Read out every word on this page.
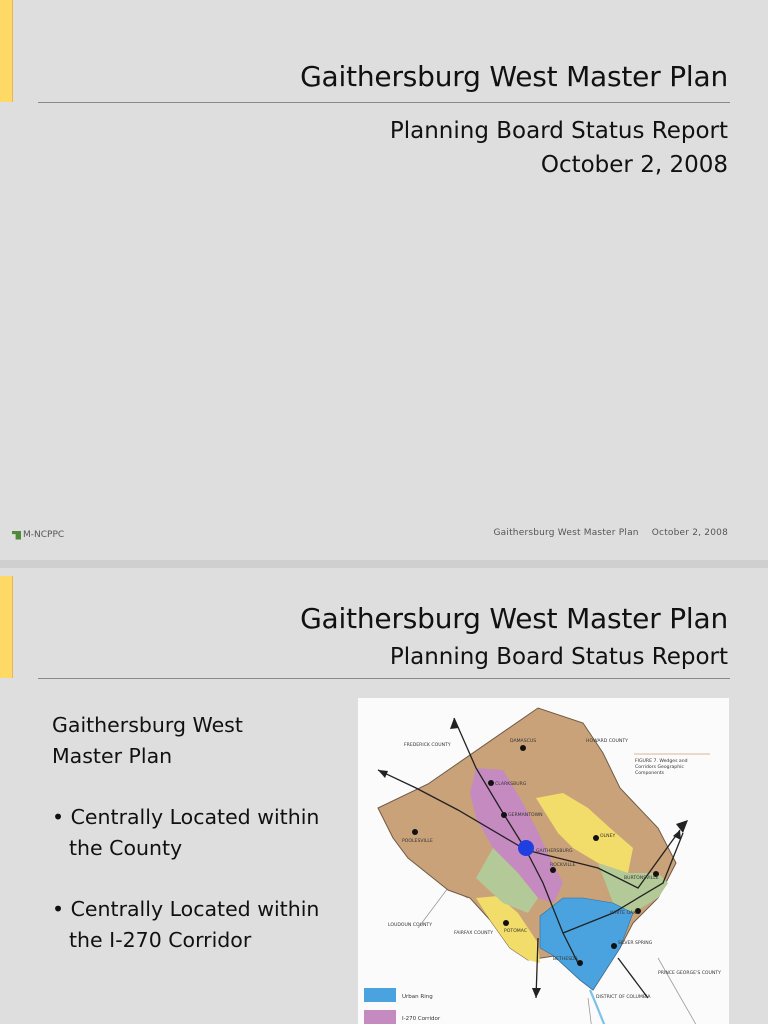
Gaithersburg West Master Plan
Planning Board Status Report
October 2, 2008
M-NCPPC	Gaithersburg West Master Plan October 2, 2008
Gaithersburg West Master Plan
Planning Board Status Report

Gaithersburg West
Master Plan

• Centrally Located within
the County

• Centrally Located within
the I-270 Corridor

FREDERICK COUNTY
HOWARD COUNTY
LOUDOUN COUNTY
FAIRFAX COUNTY
PRINCE GEORGE'S COUNTY
DISTRICT OF COLUMBIA
DAMASCUS
CLARKSBURG
GERMANTOWN
GAITHERSBURG
POOLESVILLE
ROCKVILLE
OLNEY
BURTONSVILLE
WHITE OAK
POTOMAC
BETHESDA
SILVER SPRING
FIGURE 7. Wedges and
Corridors Geographic
Components
Urban Ring
I-270 Corridor
